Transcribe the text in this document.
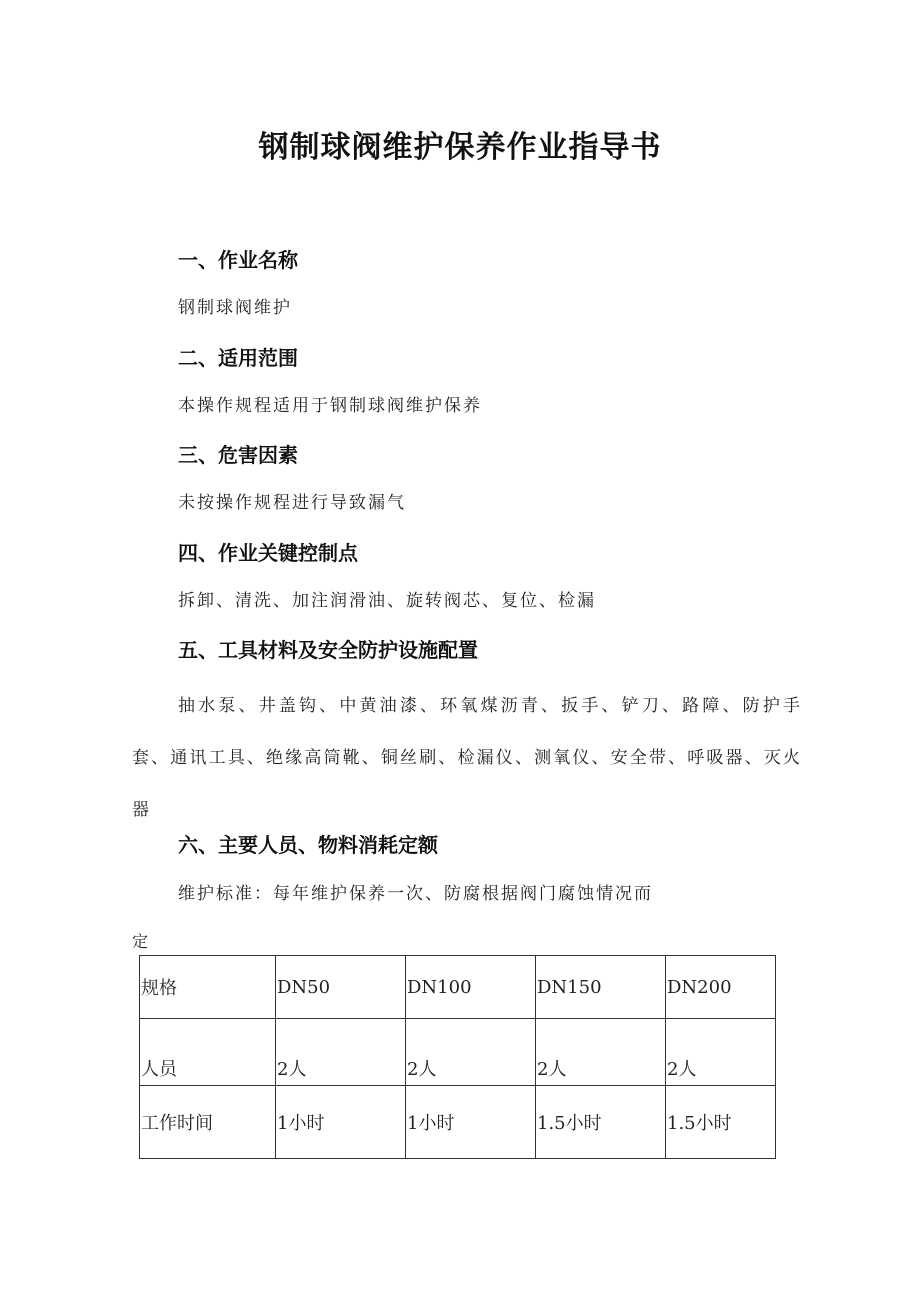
钢制球阀维护保养作业指导书
一、作业名称
钢制球阀维护
二、适用范围
本操作规程适用于钢制球阀维护保养
三、危害因素
未按操作规程进行导致漏气
四、作业关键控制点
拆卸、清洗、加注润滑油、旋转阀芯、复位、检漏
五、工具材料及安全防护设施配置
抽水泵、井盖钩、中黄油漆、环氧煤沥青、扳手、铲刀、路障、防护手套、通讯工具、绝缘高筒靴、铜丝刷、检漏仪、测氧仪、安全带、呼吸器、灭火器
六、主要人员、物料消耗定额
维护标准：每年维护保养一次、防腐根据阀门腐蚀情况而
定
规格	DN50	DN100	DN150	DN200
人员	2人	2人	2人	2人
工作时间	1小时	1小时	1.5小时	1.5小时
